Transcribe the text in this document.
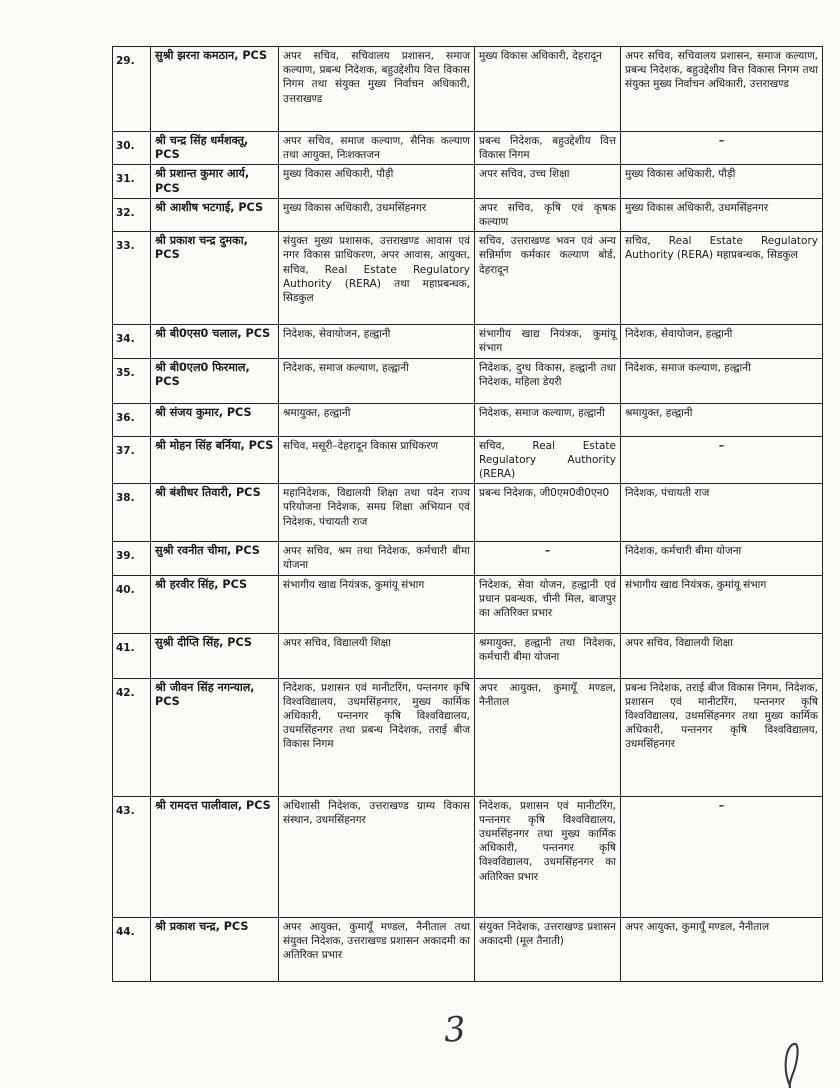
29.	सुश्री झरना कमठान, PCS	अपर सचिव, सचिवालय प्रशासन, समाज कल्याण, प्रबन्ध निदेशक, बहुउद्देशीय वित्त विकास निगम तथा संयुक्त मुख्य निर्वाचन अधिकारी, उत्तराखण्ड	मुख्य विकास अधिकारी, देहरादून	अपर सचिव, सचिवालय प्रशासन, समाज कल्याण, प्रबन्ध निदेशक, बहुउद्देशीय वित्त विकास निगम तथा संयुक्त मुख्य निर्वाचन अधिकारी, उत्तराखण्ड
30.	श्री चन्द्र सिंह धर्मशक्तू, PCS	अपर सचिव, समाज कल्याण, सैनिक कल्याण तथा आयुक्त, निःशक्तजन	प्रबन्ध निदेशक, बहुउद्देशीय वित्त विकास निगम	–

31.	श्री प्रशान्त कुमार आर्य, PCS	मुख्य विकास अधिकारी, पौड़ी	अपर सचिव, उच्च शिक्षा	मुख्य विकास अधिकारी, पौड़ी
32.	श्री आशीष भटगाई, PCS	मुख्य विकास अधिकारी, उधमसिंहनगर	अपर सचिव, कृषि एवं कृषक कल्याण	मुख्य विकास अधिकारी, उधमसिंहनगर
33.	श्री प्रकाश चन्द्र दुमका, PCS	संयुक्त मुख्य प्रशासक, उत्तराखण्ड आवास एवं नगर विकास प्राधिकरण, अपर आवास, आयुक्त, सचिव, Real Estate Regulatory Authority (RERA) तथा महाप्रबन्धक, सिडकुल	सचिव, उत्तराखण्ड भवन एवं अन्य सन्निर्माण कर्मकार कल्याण बोर्ड, देहरादून	सचिव, Real Estate Regulatory Authority (RERA) महाप्रबन्धक, सिडकुल
34.	श्री बी0एस0 चलाल, PCS	निदेशक, सेवायोजन, हल्द्वानी	संभागीय खाद्य नियंत्रक, कुमांयू संभाग	निदेशक, सेवायोजन, हल्द्वानी
35.	श्री बी0एल0 फिरमाल, PCS	निदेशक, समाज कल्याण, हल्द्वानी	निदेशक, दुग्ध विकास, हल्द्वानी तथा निदेशक, महिला डेयरी	निदेशक, समाज कल्याण, हल्द्वानी
36.	श्री संजय कुमार, PCS	श्रमायुक्त, हल्द्वानी	निदेशक, समाज कल्याण, हल्द्वानी	श्रमायुक्त, हल्द्वानी
37.	श्री मोहन सिंह बर्निया, PCS	सचिव, मसूरी–देहरादून विकास प्राधिकरण	सचिव, Real Estate Regulatory Authority (RERA)	–

38.	श्री बंशीधर तिवारी, PCS	महानिदेशक, विद्यालयी शिक्षा तथा पदेन राज्य परियोजना निदेशक, समग्र शिक्षा अभियान एवं निदेशक, पंचायती राज	प्रबन्ध निदेशक, जी0एम0वी0एन0	निदेशक, पंचायती राज
39.	सुश्री रवनीत चीमा, PCS	अपर सचिव, श्रम तथा निदेशक, कर्मचारी बीमा योजना	–	निदेशक, कर्मचारी बीमा योजना
40.	श्री हरवीर सिंह, PCS	संभागीय खाद्य नियंत्रक, कुमांयू संभाग	निदेशक, सेवा योजन, हल्द्वानी एवं प्रधान प्रबन्धक, चीनी मिल, बाजपुर का अतिरिक्त प्रभार	संभागीय खाद्य नियंत्रक, कुमांयू संभाग
41.	सुश्री दीप्ति सिंह, PCS	अपर सचिव, विद्यालयी शिक्षा	श्रमायुक्त, हल्द्वानी तथा निदेशक, कर्मचारी बीमा योजना	अपर सचिव, विद्यालयी शिक्षा
42.	श्री जीवन सिंह नगन्याल, PCS	निदेशक, प्रशासन एवं मानीटरिंग, पन्तनगर कृषि विश्वविद्यालय, उधमसिंहनगर, मुख्य कार्मिक अधिकारी, पन्तनगर कृषि विश्वविद्यालय, उधमसिंहनगर तथा प्रबन्ध निदेशक, तराई बीज विकास निगम	अपर आयुक्त, कुमायूँ मण्डल, नैनीताल	प्रबन्ध निदेशक, तराई बीज विकास निगम, निदेशक, प्रशासन एवं मानीटरिंग, पन्तनगर कृषि विश्वविद्यालय, उधमसिंहनगर तथा मुख्य कार्मिक अधिकारी, पन्तनगर कृषि विश्वविद्यालय, उधमसिंहनगर
43.	श्री रामदत्त पालीवाल, PCS	अधिशासी निदेशक, उत्तराखण्ड ग्राम्य विकास संस्थान, उधमसिंहनगर	निदेशक, प्रशासन एवं मानीटरिंग, पन्तनगर कृषि विश्वविद्यालय, उधमसिंहनगर तथा मुख्य कार्मिक अधिकारी, पन्तनगर कृषि विश्वविद्यालय, उधमसिंहनगर का अतिरिक्त प्रभार	–

44.	श्री प्रकाश चन्द्र, PCS	अपर आयुक्त, कुमायूँ मण्डल, नैनीताल तथा संयुक्त निदेशक, उत्तराखण्ड प्रशासन अकादमी का अतिरिक्त प्रभार	संयुक्त निदेशक, उत्तराखण्ड प्रशासन अकादमी (मूल तैनाती)	अपर आयुक्त, कुमायूँ मण्डल, नैनीताल
3
